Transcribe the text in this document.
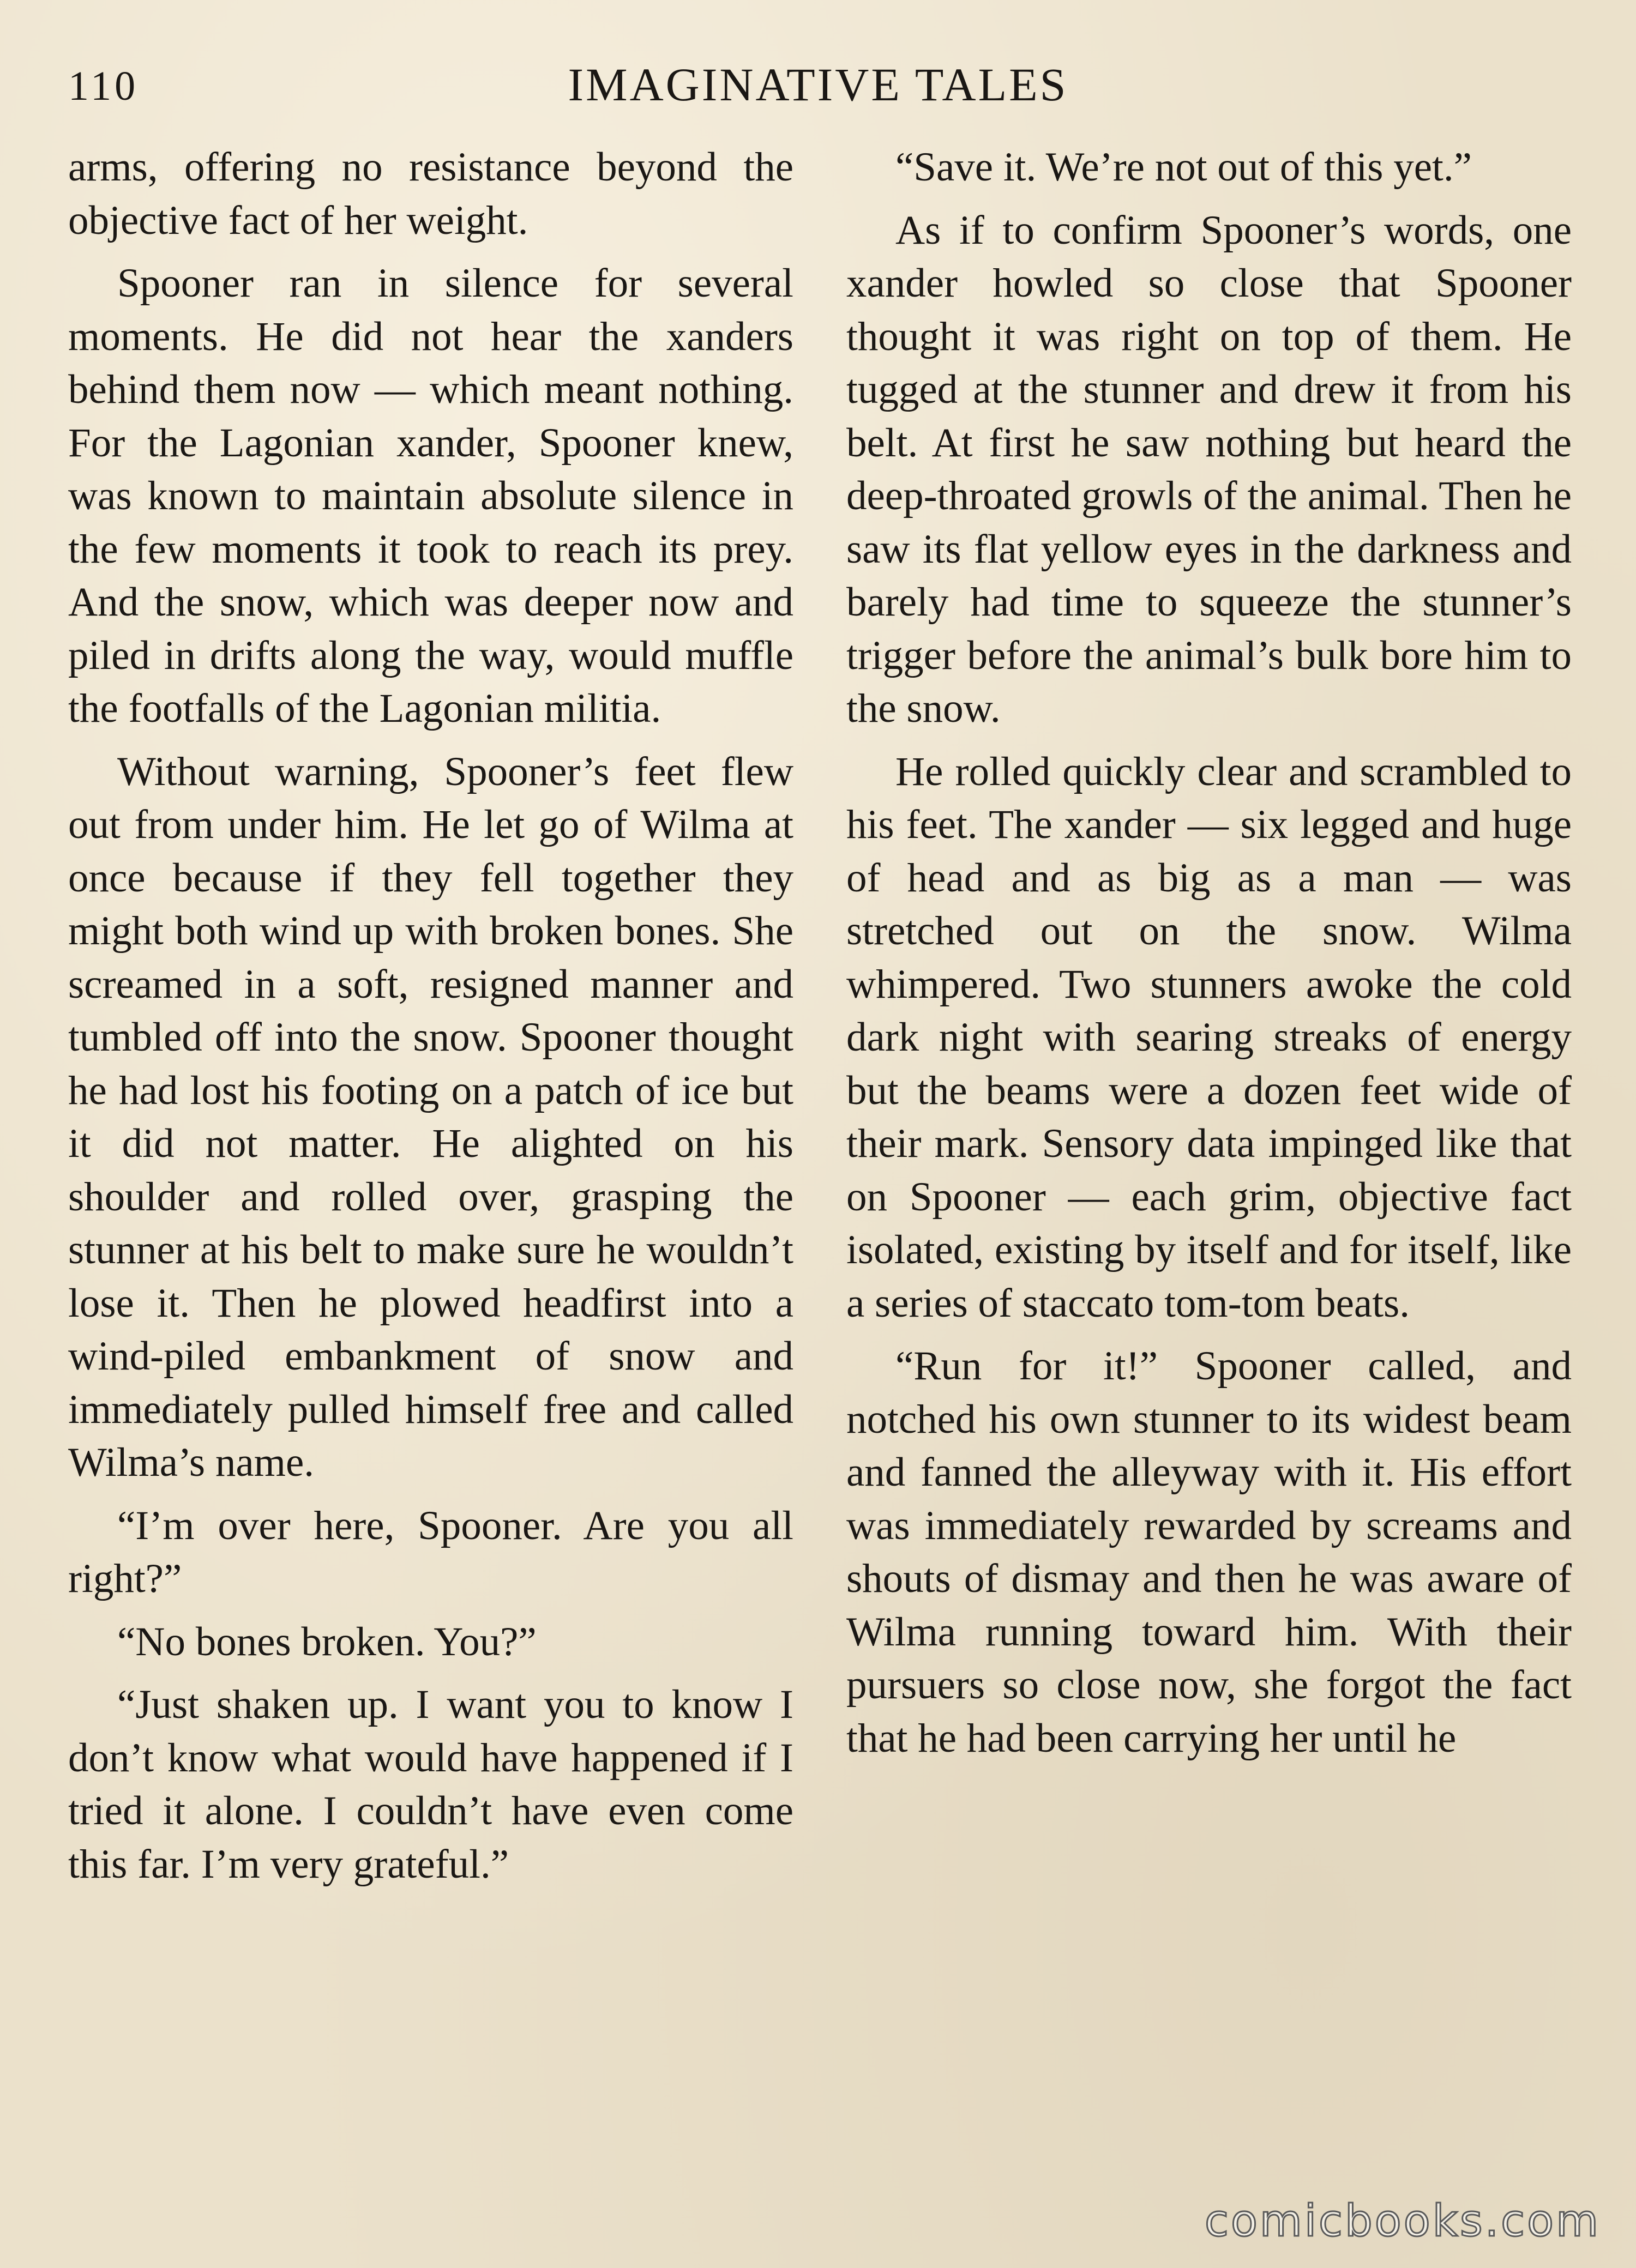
110	IMAGINATIVE TALES

arms, offering no resistance beyond the objective fact of her weight.

Spooner ran in silence for several moments. He did not hear the xanders behind them now — which meant nothing. For the Lagonian xander, Spooner knew, was known to maintain absolute silence in the few moments it took to reach its prey. And the snow, which was deeper now and piled in drifts along the way, would muffle the footfalls of the Lagonian militia.

Without warning, Spooner’s feet flew out from under him. He let go of Wilma at once because if they fell together they might both wind up with broken bones. She screamed in a soft, resigned manner and tumbled off into the snow. Spooner thought he had lost his footing on a patch of ice but it did not matter. He alighted on his shoulder and rolled over, grasping the stunner at his belt to make sure he wouldn’t lose it. Then he plowed headfirst into a wind-piled embankment of snow and immediately pulled himself free and called Wilma’s name.

“I’m over here, Spooner. Are you all right?”

“No bones broken. You?”

“Just shaken up. I want you to know I don’t know what would have happened if I tried it alone. I couldn’t have even come this far. I’m very grateful.”

“Save it. We’re not out of this yet.”

As if to confirm Spooner’s words, one xander howled so close that Spooner thought it was right on top of them. He tugged at the stunner and drew it from his belt. At first he saw nothing but heard the deep-throated growls of the animal. Then he saw its flat yellow eyes in the darkness and barely had time to squeeze the stunner’s trigger before the animal’s bulk bore him to the snow.

He rolled quickly clear and scrambled to his feet. The xander — six legged and huge of head and as big as a man — was stretched out on the snow. Wilma whimpered. Two stunners awoke the cold dark night with searing streaks of energy but the beams were a dozen feet wide of their mark. Sensory data impinged like that on Spooner — each grim, objective fact isolated, existing by itself and for itself, like a series of staccato tom-tom beats.

“Run for it!” Spooner called, and notched his own stunner to its widest beam and fanned the alleyway with it. His effort was immediately rewarded by screams and shouts of dismay and then he was aware of Wilma running toward him. With their pursuers so close now, she forgot the fact that he had been carrying her until he

comicbooks.com
